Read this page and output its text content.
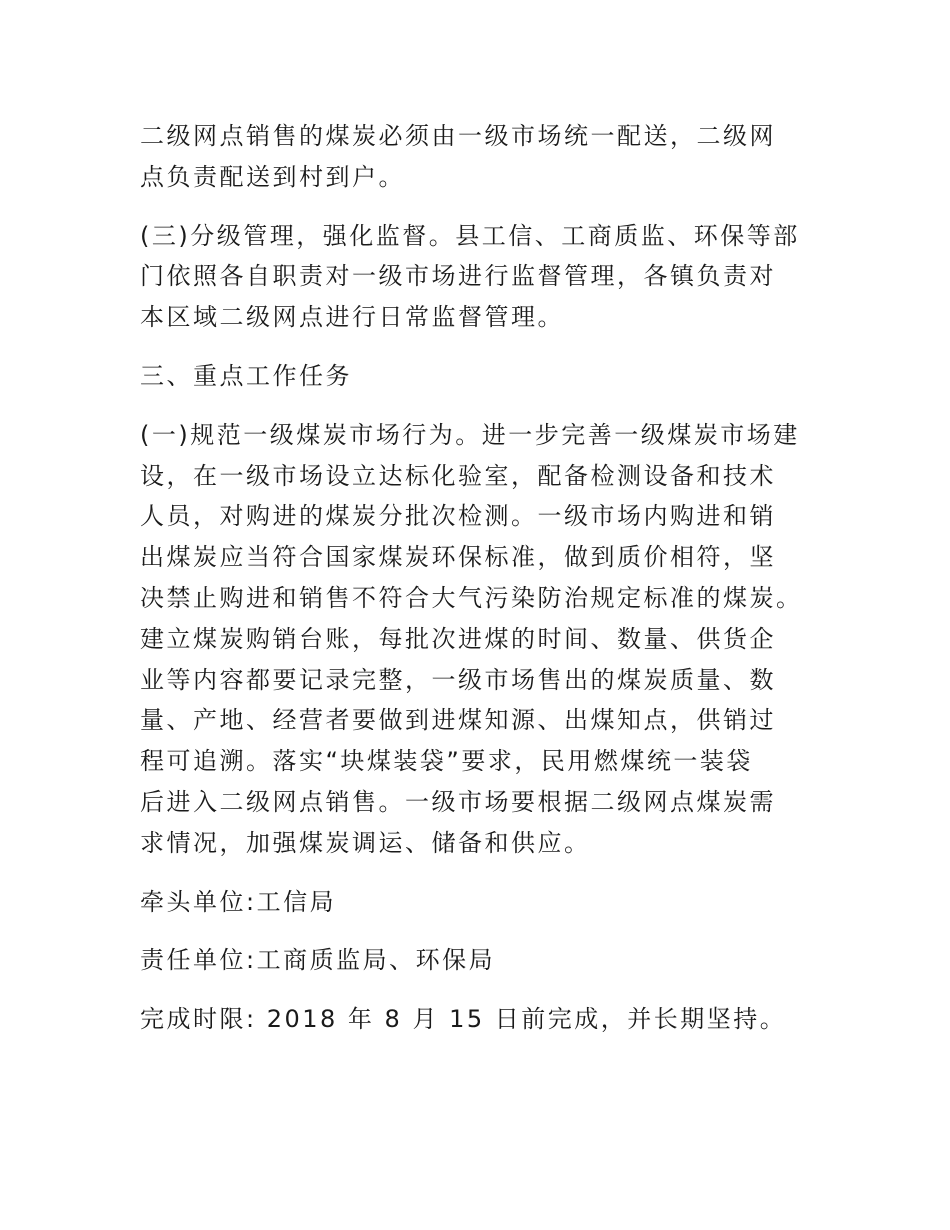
二级网点销售的煤炭必须由一级市场统一配送，二级网
点负责配送到村到户。
(三)分级管理，强化监督。县工信、工商质监、环保等部
门依照各自职责对一级市场进行监督管理，各镇负责对
本区域二级网点进行日常监督管理。
三、重点工作任务
(一)规范一级煤炭市场行为。进一步完善一级煤炭市场建
设，在一级市场设立达标化验室，配备检测设备和技术
人员，对购进的煤炭分批次检测。一级市场内购进和销
出煤炭应当符合国家煤炭环保标准，做到质价相符，坚
决禁止购进和销售不符合大气污染防治规定标准的煤炭。
建立煤炭购销台账，每批次进煤的时间、数量、供货企
业等内容都要记录完整，一级市场售出的煤炭质量、数
量、产地、经营者要做到进煤知源、出煤知点，供销过
程可追溯。落实“块煤装袋”要求，民用燃煤统一装袋
后进入二级网点销售。一级市场要根据二级网点煤炭需
求情况，加强煤炭调运、储备和供应。
牵头单位:工信局
责任单位:工商质监局、环保局
完成时限: 2018 年 8 月 15 日前完成，并长期坚持。
